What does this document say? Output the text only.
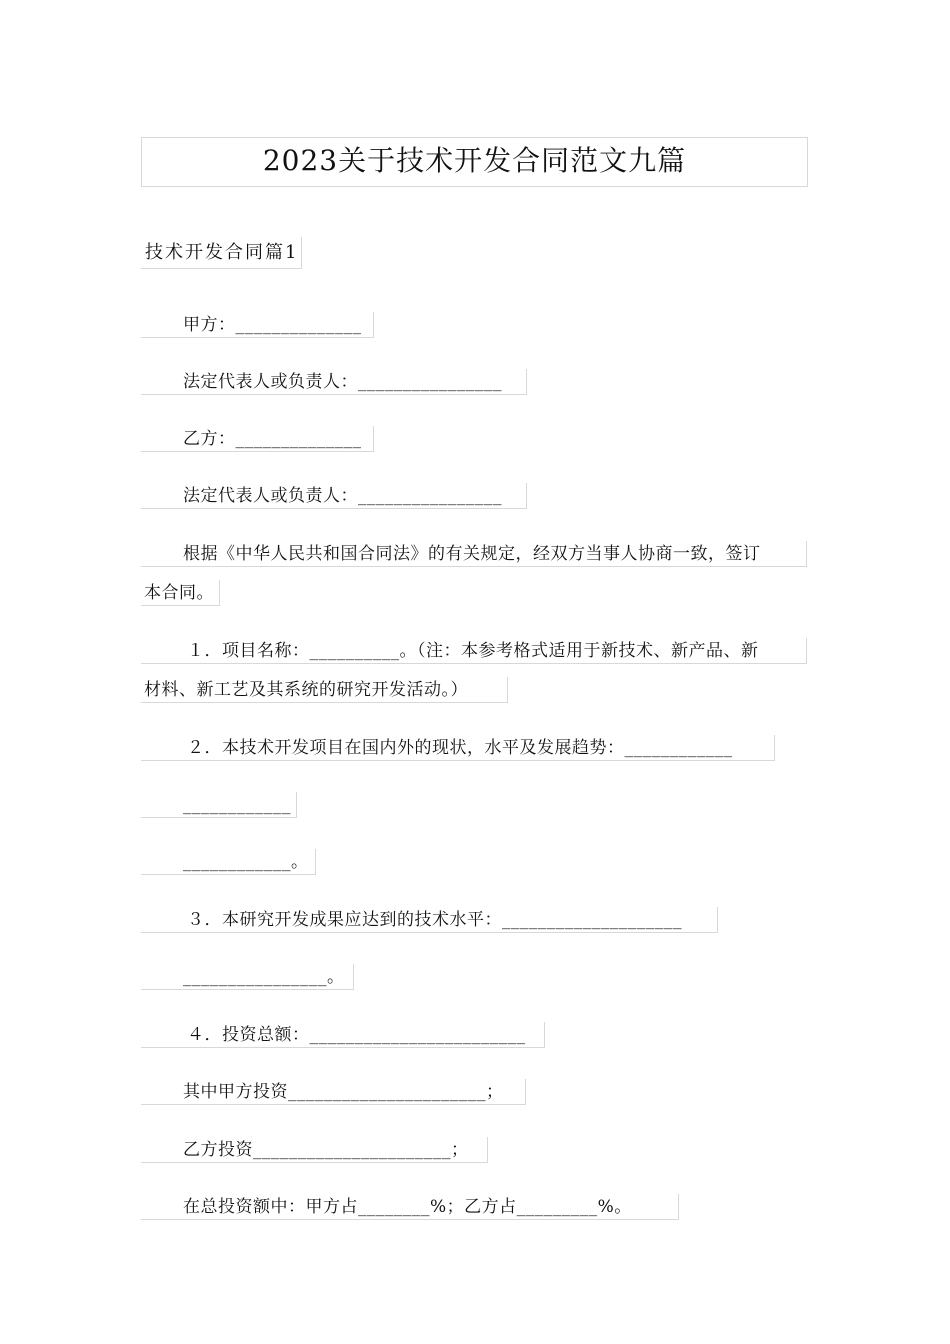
2023关于技术开发合同范文九篇
技术开发合同篇1
甲方：______________
法定代表人或负责人：________________
乙方：______________
法定代表人或负责人：________________
根据《中华人民共和国合同法》的有关规定，经双方当事人协商一致，签订
本合同。
１．项目名称：__________。（注：本参考格式适用于新技术、新产品、新
材料、新工艺及其系统的研究开发活动。）
２．本技术开发项目在国内外的现状，水平及发展趋势：____________
____________
____________。
３．本研究开发成果应达到的技术水平：____________________
________________。
４．投资总额：________________________
其中甲方投资______________________；
乙方投资______________________；
在总投资额中：甲方占________%；乙方占_________%。
